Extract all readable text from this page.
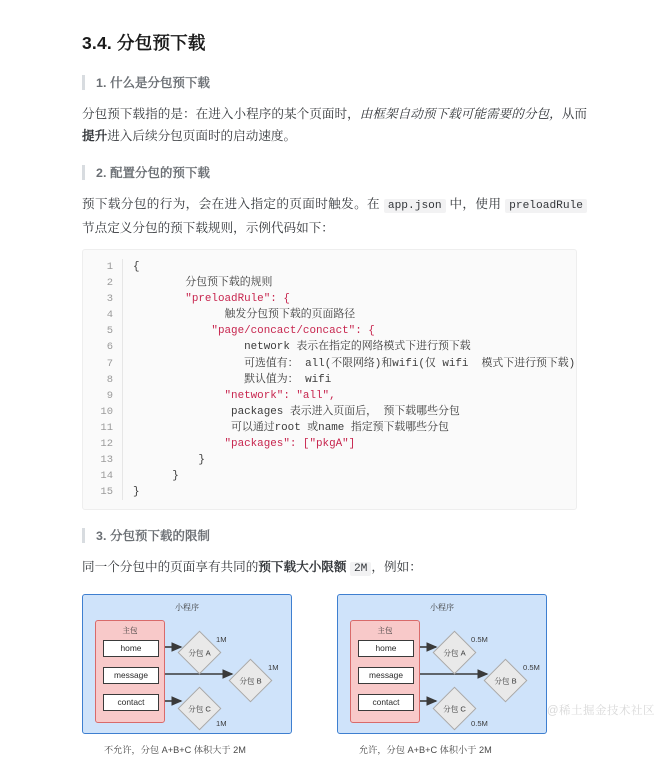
3.4. 分包预下载
1. 什么是分包预下载

分包预下载指的是：在进入小程序的某个页面时，由框架自动预下载可能需要的分包，从而提升进入后续分包页面时的启动速度。

2. 配置分包的预下载

预下载分包的行为，会在进入指定的页面时触发。在 app.json 中，使用 preloadRule 节点定义分包的预下载规则，示例代码如下：

1	{
2	分包预下载的规则
3	"preloadRule": {
4	触发分包预下载的页面路径
5	"page/concact/concact": {
6	network 表示在指定的网络模式下进行预下载
7	可选值有： all(不限网络)和wifi(仅 wifi  模式下进行预下载)
8	默认值为： wifi
9	"network": "all",
10	packages 表示进入页面后， 预下载哪些分包
11	可以通过root 或name 指定预下载哪些分包
12	"packages": ["pkgA"]
13	}
14	}
15	}
3. 分包预下载的限制

同一个分包中的页面享有共同的预下载大小限额 2M ，例如：

小程序
主包
home
message
contact
分包 A
分包 B
分包 C
1M
1M
1M
不允许，分包 A+B+C 体积大于 2M
小程序
主包
home
message
contact
分包 A
分包 B
分包 C
0.5M
0.5M
0.5M
允许，分包 A+B+C 体积小于 2M
@稀土掘金技术社区
